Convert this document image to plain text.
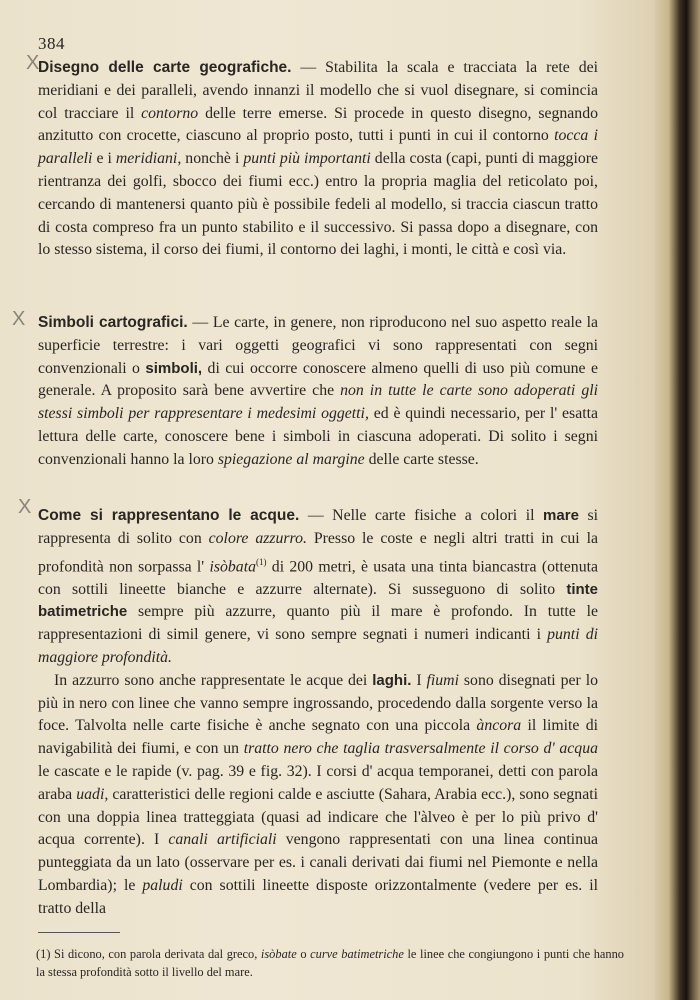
384
X
X
X

Disegno delle carte geografiche. — Stabilita la scala e tracciata la rete dei meridiani e dei paralleli, avendo innanzi il modello che si vuol disegnare, si comincia col tracciare il contorno delle terre emerse. Si procede in questo disegno, segnando anzitutto con crocette, ciascuno al proprio posto, tutti i punti in cui il contorno tocca i paralleli e i meridiani, nonchè i punti più importanti della costa (capi, punti di maggiore rientranza dei golfi, sbocco dei fiumi ecc.) entro la propria maglia del reticolato poi, cercando di mantenersi quanto più è possibile fedeli al modello, si traccia ciascun tratto di costa compreso fra un punto stabilito e il successivo. Si passa dopo a disegnare, con lo stesso sistema, il corso dei fiumi, il contorno dei laghi, i monti, le città e così via.

Simboli cartografici. — Le carte, in genere, non riproducono nel suo aspetto reale la superficie terrestre: i vari oggetti geografici vi sono rappresentati con segni convenzionali o simboli, di cui occorre conoscere almeno quelli di uso più comune e generale. A proposito sarà bene avvertire che non in tutte le carte sono adoperati gli stessi simboli per rappresentare i medesimi oggetti, ed è quindi necessario, per l' esatta lettura delle carte, conoscere bene i simboli in ciascuna adoperati. Di solito i segni convenzionali hanno la loro spiegazione al margine delle carte stesse.

Come si rappresentano le acque. — Nelle carte fisiche a colori il mare si rappresenta di solito con colore azzurro. Presso le coste e negli altri tratti in cui la profondità non sorpassa l' isòbata$^{(1)}$ di 200 metri, è usata una tinta biancastra (ottenuta con sottili lineette bianche e azzurre alternate). Si susseguono di solito tinte batimetriche sempre più azzurre, quanto più il mare è profondo. In tutte le rappresentazioni di simil genere, vi sono sempre segnati i numeri indicanti i punti di maggiore profondità.

In azzurro sono anche rappresentate le acque dei laghi. I fiumi sono disegnati per lo più in nero con linee che vanno sempre ingrossando, procedendo dalla sorgente verso la foce. Talvolta nelle carte fisiche è anche segnato con una piccola àncora il limite di navigabilità dei fiumi, e con un tratto nero che taglia trasversalmente il corso d' acqua le cascate e le rapide (v. pag. 39 e fig. 32). I corsi d' acqua temporanei, detti con parola araba uadi, caratteristici delle regioni calde e asciutte (Sahara, Arabia ecc.), sono segnati con una doppia linea tratteggiata (quasi ad indicare che l'àlveo è per lo più privo d' acqua corrente). I canali artificiali vengono rappresentati con una linea continua punteggiata da un lato (osservare per es. i canali derivati dai fiumi nel Piemonte e nella Lombardia); le paludi con sottili lineette disposte orizzontalmente (vedere per es. il tratto della

(1) Si dicono, con parola derivata dal greco, isòbate o curve batimetriche le linee che congiungono i punti che hanno la stessa profondità sotto il livello del mare.
